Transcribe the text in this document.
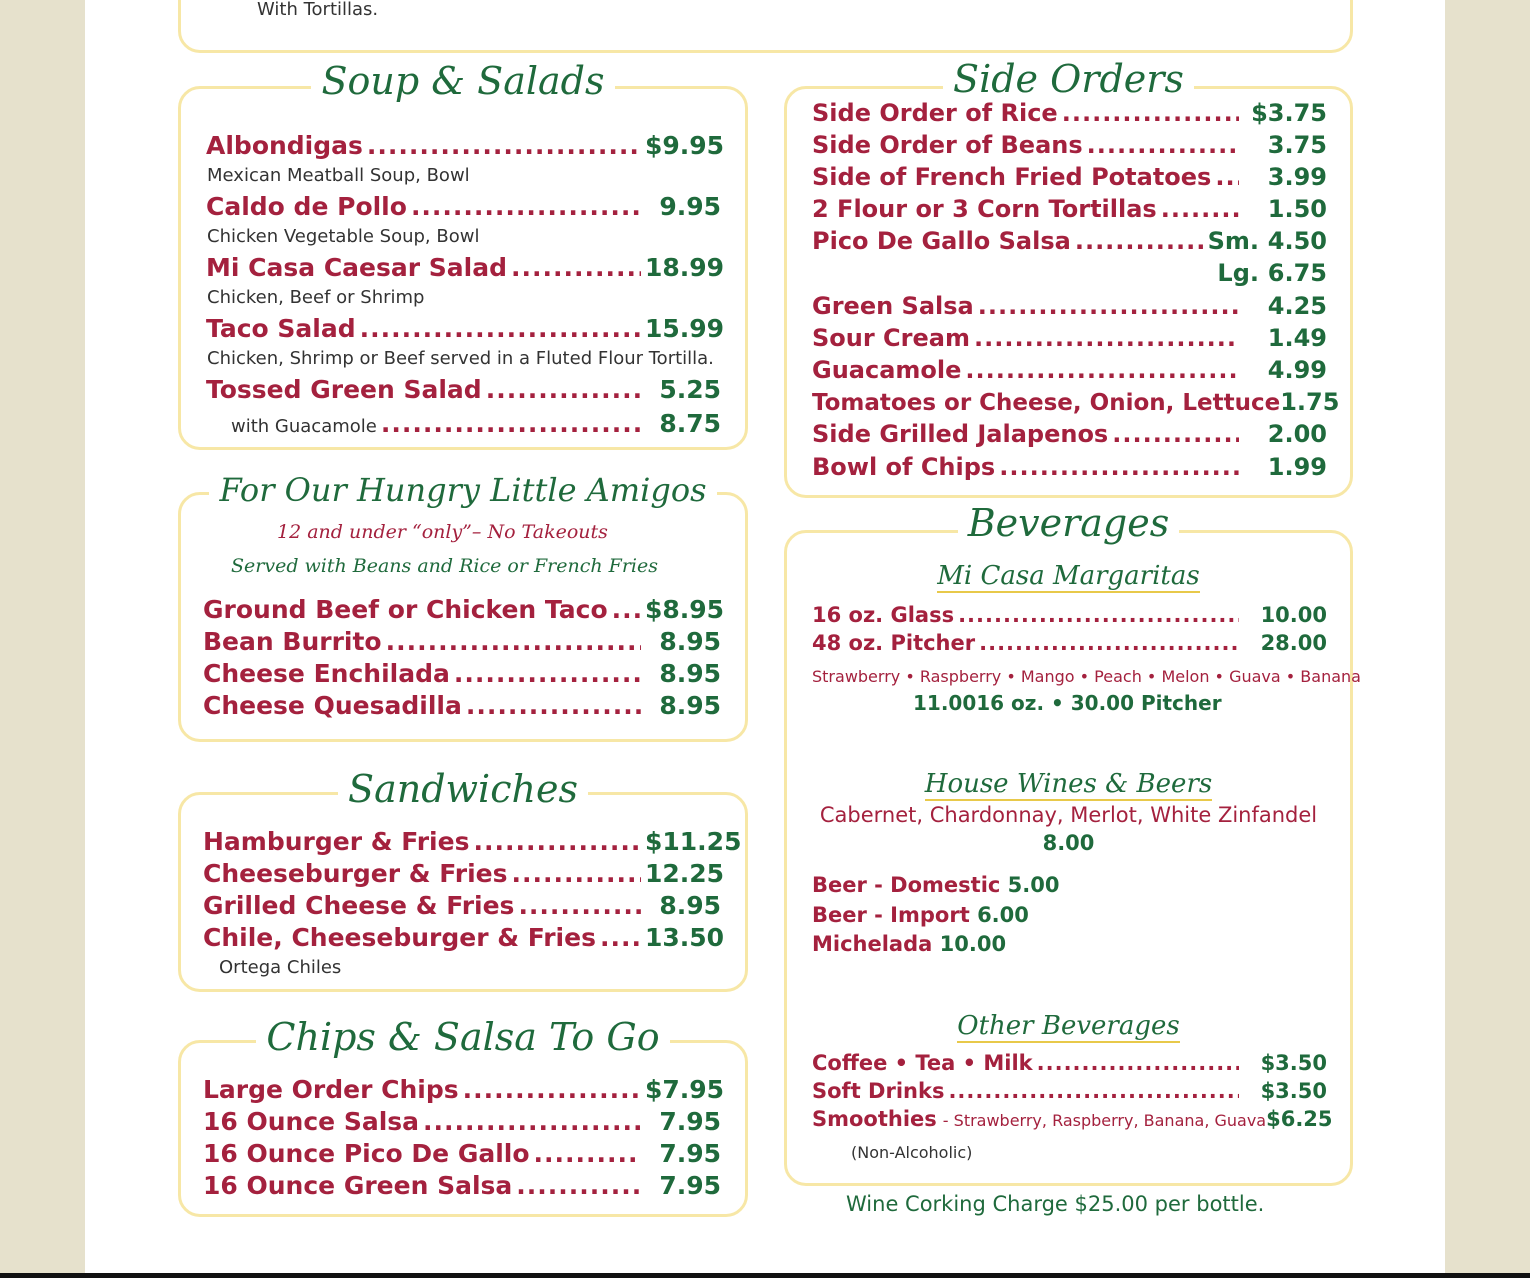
With Tortillas.
Soup & Salads
Albondigas .....	$9.95
Mexican Meatball Soup, Bowl
Caldo de Pollo .....	9.95
Chicken Vegetable Soup, Bowl
Mi Casa Caesar Salad .....	18.99
Chicken, Beef or Shrimp
Taco Salad .....	15.99
Chicken, Shrimp or Beef served in a Fluted Flour Tortilla.
Tossed Green Salad .....	5.25
with Guacamole .....	8.75
For Our Hungry Little Amigos
12 and under “only”– No Takeouts
Served with Beans and Rice or French Fries
Ground Beef or Chicken Taco ..... $8.95
Bean Burrito .....	8.95
Cheese Enchilada .....	8.95
Cheese Quesadilla .....	8.95
Sandwiches
Hamburger & Fries .....	$11.25
Cheeseburger & Fries .....	12.25
Grilled Cheese & Fries .....	8.95
Chile, Cheeseburger & Fries ..... 13.50
Ortega Chiles
Chips & Salsa To Go
Large Order Chips .....	$7.95
16 Ounce Salsa .....	7.95
16 Ounce Pico De Gallo .....	7.95
16 Ounce Green Salsa .....	7.95
Side Orders
Side Order of Rice .....	$3.75
Side Order of Beans .....	3.75
Side of French Fried Potatoes .....	3.99
2 Flour or 3 Corn Tortillas .....	1.50
Pico De Gallo Salsa .....	Sm. 4.50
Lg. 6.75
Green Salsa .....	4.25
Sour Cream .....	1.49
Guacamole .....	4.99
Tomatoes or Cheese, Onion, Lettuce 1.75
Side Grilled Jalapenos .....	2.00
Bowl of Chips .....	1.99
Beverages
Mi Casa Margaritas
16 oz. Glass .....	10.00
48 oz. Pitcher .....	28.00
Strawberry • Raspberry • Mango • Peach • Melon • Guava • Banana
11.0016 oz. • 30.00 Pitcher
House Wines & Beers
Cabernet, Chardonnay, Merlot, White Zinfandel
8.00
Beer - Domestic 5.00
Beer - Import 6.00
Michelada 10.00
Other Beverages
Coffee • Tea • Milk .....	$3.50
Soft Drinks .....	$3.50
Smoothies - Strawberry, Raspberry, Banana, Guava $6.25
(Non-Alcoholic)
Wine Corking Charge $25.00 per bottle.
